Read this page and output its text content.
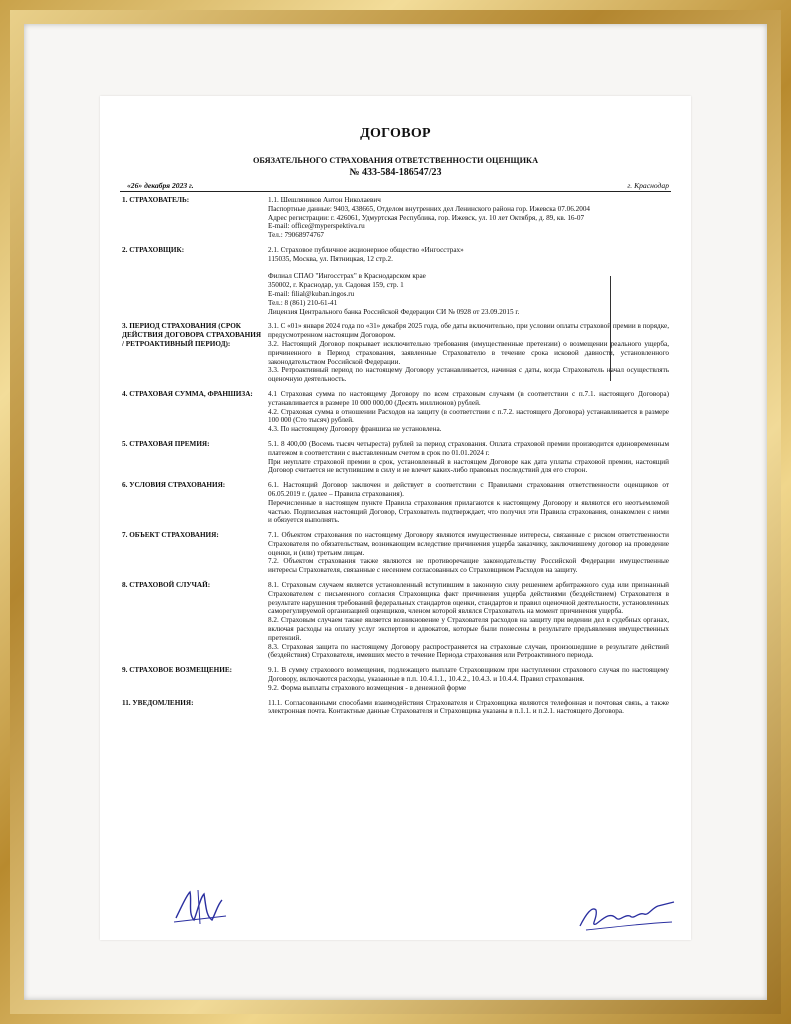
ДОГОВОР
ОБЯЗАТЕЛЬНОГО СТРАХОВАНИЯ ОТВЕТСТВЕННОСТИ ОЦЕНЩИКА
№ 433-584-186547/23
«26» декабря 2023 г.	г. Краснодар
1. СТРАХОВАТЕЛЬ:	1.1. Шешляников Антон Николаевич

Паспортные данные: 9403, 438665, Отделом внутренних дел Ленинского района гор. Ижевска 07.06.2004

Адрес регистрации: г. 426061, Удмуртская Республика, гор. Ижевск, ул. 10 лет Октября, д. 89, кв. 16-07

E-mail: office@myperspektiva.ru

Тел.: 79068974767

2. СТРАХОВЩИК:	2.1. Страховое публичное акционерное общество «Ингосстрах»

115035, Москва, ул. Пятницкая, 12 стр.2.

Филиал СПАО "Ингосстрах" в Краснодарском крае

350002, г. Краснодар, ул. Садовая 159, стр. 1

E-mail: filial@kuban.ingos.ru

Тел.: 8 (861) 210-61-41

Лицензия Центрального банка Российской Федерации СИ № 0928 от 23.09.2015 г.

3. ПЕРИОД СТРАХОВАНИЯ (СРОК ДЕЙСТВИЯ ДОГОВОРА СТРАХОВАНИЯ / РЕТРОАКТИВНЫЙ ПЕРИОД):

3.1. С «01» января 2024 года по «31» декабря 2025 года, обе даты включительно, при условии оплаты страховой премии в порядке, предусмотренном настоящим Договором.

3.2. Настоящий Договор покрывает исключительно требования (имущественные претензии) о возмещении реального ущерба, причиненного в Период страхования, заявленные Страхователю в течение срока исковой давности, установленного законодательством Российской Федерации.

3.3. Ретроактивный период по настоящему Договору устанавливается, начиная с даты, когда Страхователь начал осуществлять оценочную деятельность.

4. СТРАХОВАЯ СУММА, ФРАНШИЗА:	4.1 Страховая сумма по настоящему Договору по всем страховым случаям (в соответствии с п.7.1. настоящего Договора) устанавливается в размере 10 000 000,00 (Десять миллионов) рублей.

4.2. Страховая сумма в отношении Расходов на защиту (в соответствии с п.7.2. настоящего Договора) устанавливается в размере 100 000 (Сто тысяч) рублей.

4.3. По настоящему Договору франшиза не установлена.

5. СТРАХОВАЯ ПРЕМИЯ:	5.1. 8 400,00 (Восемь тысяч четыреста) рублей за период страхования. Оплата страховой премии производится единовременным платежом в соответствии с выставленным счетом в срок по 01.01.2024 г.

При неуплате страховой премии в срок, установленный в настоящем Договоре как дата уплаты страховой премии, настоящий Договор считается не вступившим в силу и не влечет каких-либо правовых последствий для его сторон.

6. УСЛОВИЯ СТРАХОВАНИЯ:	6.1. Настоящий Договор заключен и действует в соответствии с Правилами страхования ответственности оценщиков от 06.05.2019 г. (далее – Правила страхования).

Перечисленные в настоящем пункте Правила страхования прилагаются к настоящему Договору и являются его неотъемлемой частью. Подписывая настоящий Договор, Страхователь подтверждает, что получил эти Правила страхования, ознакомлен с ними и обязуется выполнять.

7. ОБЪЕКТ СТРАХОВАНИЯ:	7.1. Объектом страхования по настоящему Договору являются имущественные интересы, связанные с риском ответственности Страхователя по обязательствам, возникающим вследствие причинения ущерба заказчику, заключившему договор на проведение оценки, и (или) третьим лицам.

7.2. Объектом страхования также являются не противоречащие законодательству Российской Федерации имущественные интересы Страхователя, связанные с несением согласованных со Страховщиком Расходов на защиту.

8. СТРАХОВОЙ СЛУЧАЙ:	8.1. Страховым случаем является установленный вступившим в законную силу решением арбитражного суда или признанный Страхователем с письменного согласия Страховщика факт причинения ущерба действиями (бездействием) Страхователя в результате нарушения требований федеральных стандартов оценки, стандартов и правил оценочной деятельности, установленных саморегулируемой организацией оценщиков, членом которой являлся Страхователь на момент причинения ущерба.

8.2. Страховым случаем также является возникновение у Страхователя расходов на защиту при ведении дел в судебных органах, включая расходы на оплату услуг экспертов и адвокатов, которые были понесены в результате предъявления имущественных претензий.

8.3. Страховая защита по настоящему Договору распространяется на страховые случаи, произошедшие в результате действий (бездействия) Страхователя, имевших место в течение Периода страхования или Ретроактивного периода.

9. СТРАХОВОЕ ВОЗМЕЩЕНИЕ:	9.1. В сумму страхового возмещения, подлежащего выплате Страховщиком при наступлении страхового случая по настоящему Договору, включаются расходы, указанные в п.п. 10.4.1.1., 10.4.2., 10.4.3. и 10.4.4. Правил страхования.

9.2. Форма выплаты страхового возмещения - в денежной форме

11. УВЕДОМЛЕНИЯ:	11.1. Согласованными способами взаимодействия Страхователя и Страховщика являются телефонная и почтовая связь, а также электронная почта. Контактные данные Страхователя и Страховщика указаны в п.1.1. и п.2.1. настоящего Договора.
